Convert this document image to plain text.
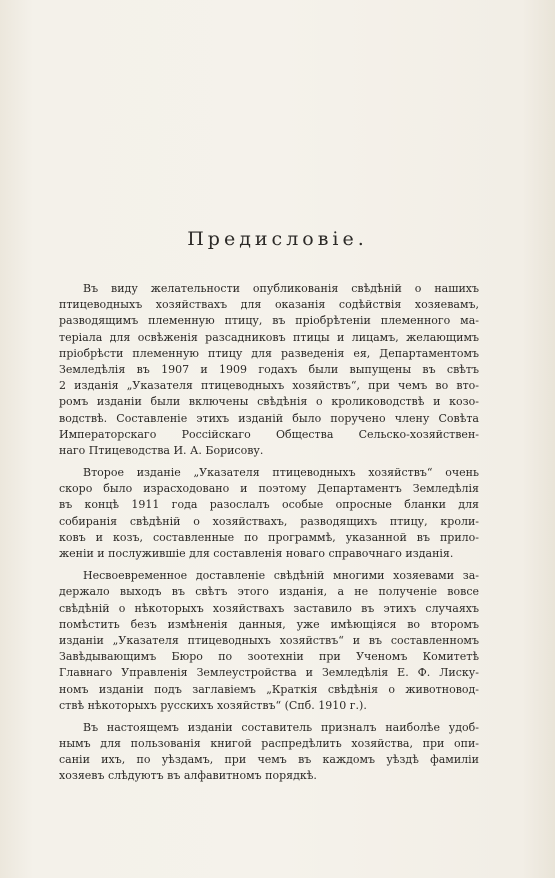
Предисловіе.
Въ виду желательности опубликованія свѣдѣній о нашихъ
птицеводныхъ хозяйствахъ для оказанія содѣйствія хозяевамъ,
разводящимъ племенную птицу, въ пріобрѣтеніи племенного ма-
теріала для освѣженія разсадниковъ птицы и лицамъ, желающимъ
пріобрѣсти племенную птицу для разведенія ея, Департаментомъ
Земледѣлія въ 1907 и 1909 годахъ были выпущены въ свѣтъ
2 изданія „Указателя птицеводныхъ хозяйствъ“, при чемъ во вто-
ромъ изданіи были включены свѣдѣнія о кролиководствѣ и козо-
водствѣ. Составленіе этихъ изданій было поручено члену Совѣта
Императорскаго Россійскаго Общества Сельско-хозяйствен-
наго Птицеводства И. А. Борисову.
Второе изданіе „Указателя птицеводныхъ хозяйствъ“ очень
скоро было израсходовано и поэтому Департаментъ Земледѣлія
въ концѣ 1911 года разослалъ особые опросные бланки для
собиранія свѣдѣній о хозяйствахъ, разводящихъ птицу, кроли-
ковъ и козъ, составленные по программѣ, указанной въ прило-
женіи и послужившіе для составленія новаго справочнаго изданія.
Несвоевременное доставленіе свѣдѣній многими хозяевами за-
держало выходъ въ свѣтъ этого изданія, а не полученіе вовсе
свѣдѣній о нѣкоторыхъ хозяйствахъ заставило въ этихъ случаяхъ
помѣстить безъ измѣненія данныя, уже имѣющіяся во второмъ
изданіи „Указателя птицеводныхъ хозяйствъ“ и въ составленномъ
Завѣдывающимъ Бюро по зоотехніи при Ученомъ Комитетѣ
Главнаго Управленія Землеустройства и Земледѣлія Е. Ф. Лиску-
номъ изданіи подъ заглавіемъ „Краткія свѣдѣнія о животновод-
ствѣ нѣкоторыхъ русскихъ хозяйствъ“ (Спб. 1910 г.).
Въ настоящемъ изданіи составитель призналъ наиболѣе удоб-
нымъ для пользованія книгой распредѣлить хозяйства, при опи-
саніи ихъ, по уѣздамъ, при чемъ въ каждомъ уѣздѣ фамиліи
хозяевъ слѣдуютъ въ алфавитномъ порядкѣ.
